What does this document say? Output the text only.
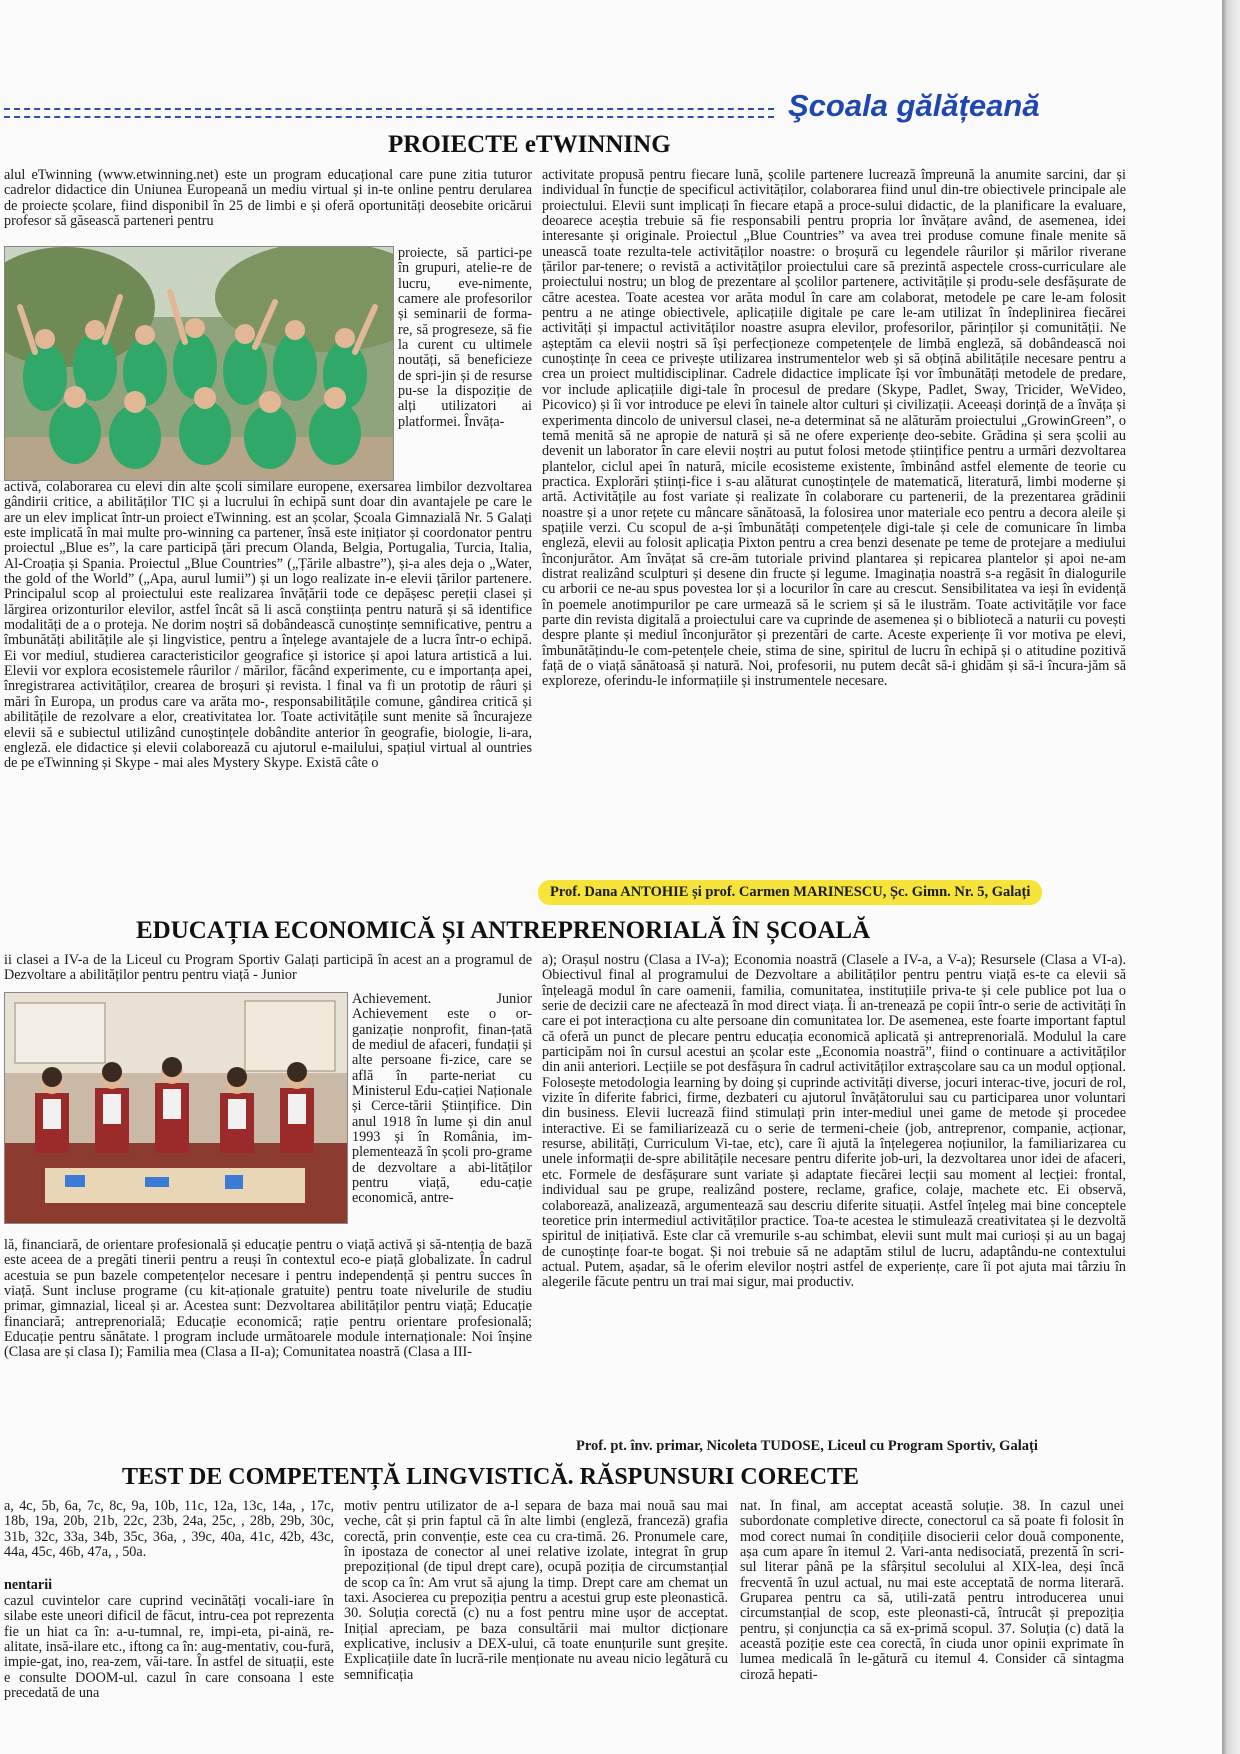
Şcoala gălățeană
PROIECTE eTWINNING

alul eTwinning (www.etwinning.net) este un program educațional care pune zitia tuturor cadrelor didactice din Uniunea Europeană un mediu virtual și in-te online pentru derularea de proiecte școlare, fiind disponibil în 25 de limbi e și oferă oportunități deosebite oricărui profesor să găsească parteneri pentru

proiecte, să partici-pe în grupuri, atelie-re de lucru, eve-nimente, camere ale profesorilor și seminarii de forma-re, să progreseze, să fie la curent cu ultimele noutăți, să beneficieze de spri-jin și de resurse pu-se la dispoziție de alți utilizatori ai platformei. Învăța-

activă, colaborarea cu elevi din alte școli similare europene, exersarea limbilor dezvoltarea gândirii critice, a abilităților TIC și a lucrului în echipă sunt doar din avantajele pe care le are un elev implicat într-un proiect eTwinning. est an școlar, Școala Gimnazială Nr. 5 Galați este implicată în mai multe pro-winning ca partener, însă este inițiator și coordonator pentru proiectul „Blue es”, la care participă țări precum Olanda, Belgia, Portugalia, Turcia, Italia, Al-Croația și Spania. Proiectul „Blue Countries” („Țările albastre”), și-a ales deja o „Water, the gold of the World” („Apa, aurul lumii”) și un logo realizate in-e elevii țărilor partenere. Principalul scop al proiectului este realizarea învățării tode ce depășesc pereții clasei și lărgirea orizonturilor elevilor, astfel încât să li ască conștiința pentru natură și să identifice modalități de a o proteja. Ne dorim noștri să dobândească cunoștințe semnificative, pentru a îmbunătăți abilitățile ale și lingvistice, pentru a înțelege avantajele de a lucra într-o echipă. Ei vor mediul, studierea caracteristicilor geografice și istorice și apoi latura artistică a lui. Elevii vor explora ecosistemele râurilor / mărilor, făcând experimente, cu e importanța apei, înregistrarea activităților, crearea de broșuri și revista. l final va fi un prototip de râuri și mări în Europa, un produs care va arăta mo-, responsabilitățile comune, gândirea critică și abilitățile de rezolvare a elor, creativitatea lor. Toate activitățile sunt menite să încurajeze elevii să e subiectul utilizând cunoștințele dobândite anterior în geografie, biologie, li-ara, engleză. ele didactice și elevii colaborează cu ajutorul e-mailului, spațiul virtual al ountries de pe eTwinning și Skype - mai ales Mystery Skype. Există câte o

activitate propusă pentru fiecare lună, școlile partenere lucrează împreună la anumite sarcini, dar și individual în funcție de specificul activităților, colaborarea fiind unul din-tre obiectivele principale ale proiectului. Elevii sunt implicați în fiecare etapă a proce-sului didactic, de la planificare la evaluare, deoarece aceștia trebuie să fie responsabili pentru propria lor învățare având, de asemenea, idei interesante și originale. Proiectul „Blue Countries” va avea trei produse comune finale menite să unească toate rezulta-tele activităților noastre: o broșură cu legendele râurilor și mărilor riverane țărilor par-tenere; o revistă a activităților proiectului care să prezintă aspectele cross-curriculare ale proiectului nostru; un blog de prezentare al școlilor partenere, activitățile și produ-sele desfășurate de către acestea. Toate acestea vor arăta modul în care am colaborat, metodele pe care le-am folosit pentru a ne atinge obiectivele, aplicațiile digitale pe care le-am utilizat în îndeplinirea fiecărei activități și impactul activităților noastre asupra elevilor, profesorilor, părinților și comunității. Ne așteptăm ca elevii noștri să își perfecționeze competențele de limbă engleză, să dobândească noi cunoștințe în ceea ce privește utilizarea instrumentelor web și să obțină abilitățile necesare pentru a crea un proiect multidisciplinar. Cadrele didactice implicate își vor îmbunătăți metodele de predare, vor include aplicațiile digi-tale în procesul de predare (Skype, Padlet, Sway, Tricider, WeVideo, Picovico) și îi vor introduce pe elevi în tainele altor culturi și civilizații. Aceeași dorință de a învăța și experimenta dincolo de universul clasei, ne-a determinat să ne alăturăm proiectului „GrowinGreen”, o temă menită să ne apropie de natură și să ne ofere experiențe deo-sebite. Grădina și sera școlii au devenit un laborator în care elevii noștri au putut folosi metode științifice pentru a urmări dezvoltarea plantelor, ciclul apei în natură, micile ecosisteme existente, îmbinând astfel elemente de teorie cu practica. Explorări științi-fice i s-au alăturat cunoștințele de matematică, literatură, limbi moderne și artă. Activitățile au fost variate și realizate în colaborare cu partenerii, de la prezentarea grădinii noastre și a unor rețete cu mâncare sănătoasă, la folosirea unor materiale eco pentru a decora aleile și spațiile verzi. Cu scopul de a-și îmbunătăți competențele digi-tale și cele de comunicare în limba engleză, elevii au folosit aplicația Pixton pentru a crea benzi desenate pe teme de protejare a mediului înconjurător. Am învățat să cre-ăm tutoriale privind plantarea și repicarea plantelor și apoi ne-am distrat realizând sculpturi și desene din fructe și legume. Imaginația noastră s-a regăsit în dialogurile cu arborii ce ne-au spus povestea lor și a locurilor în care au crescut. Sensibilitatea va ieși în evidență în poemele anotimpurilor pe care urmează să le scriem și să le ilustrăm. Toate activitățile vor face parte din revista digitală a proiectului care va cuprinde de asemenea și o bibliotecă a naturii cu povești despre plante și mediul înconjurător și prezentări de carte. Aceste experiențe îi vor motiva pe elevi, îmbunătățindu-le com-petențele cheie, stima de sine, spiritul de lucru în echipă și o atitudine pozitivă față de o viață sănătoasă și natură. Noi, profesorii, nu putem decât să-i ghidăm și să-i încura-jăm să exploreze, oferindu-le informațiile și instrumentele necesare.

Prof. Dana ANTOHIE și prof. Carmen MARINESCU, Șc. Gimn. Nr. 5, Galați
EDUCAȚIA ECONOMICĂ ȘI ANTREPRENORIALĂ ÎN ȘCOALĂ

ii clasei a IV-a de la Liceul cu Program Sportiv Galați participă în acest an a programul de Dezvoltare a abilităților pentru pentru viață - Junior

Achievement. Junior Achievement este o or-ganizație nonprofit, finan-țată de mediul de afaceri, fundații și alte persoane fi-zice, care se află în parte-neriat cu Ministerul Edu-cației Naționale și Cerce-tării Științifice. Din anul 1918 în lume și din anul 1993 și în România, im-plementează în școli pro-grame de dezvoltare a abi-lităților pentru viață, edu-cație economică, antre-

lă, financiară, de orientare profesională și educație pentru o viață activă și să-ntenția de bază este aceea de a pregăti tinerii pentru a reuși în contextul eco-e piață globalizate. În cadrul acestuia se pun bazele competențelor necesare i pentru independență și pentru succes în viață. Sunt incluse programe (cu kit-aționale gratuite) pentru toate nivelurile de studiu primar, gimnazial, liceal și ar. Acestea sunt: Dezvoltarea abilităților pentru viață; Educație financiară; antreprenorială; Educație economică; rație pentru orientare profesională; Educație pentru sănătate. l program include următoarele module internaționale: Noi înșine (Clasa are și clasa I); Familia mea (Clasa a II-a); Comunitatea noastră (Clasa a III-

a); Orașul nostru (Clasa a IV-a); Economia noastră (Clasele a IV-a, a V-a); Resursele (Clasa a VI-a). Obiectivul final al programului de Dezvoltare a abilităților pentru pentru viață es-te ca elevii să înțeleagă modul în care oamenii, familia, comunitatea, instituțiile priva-te și cele publice pot lua o serie de decizii care ne afectează în mod direct viața. Îi an-trenează pe copii într-o serie de activități în care ei pot interacționa cu alte persoane din comunitatea lor. De asemenea, este foarte important faptul că oferă un punct de plecare pentru educația economică aplicată și antreprenorială. Modulul la care participăm noi în cursul acestui an școlar este „Economia noastră”, fiind o continuare a activităților din anii anteriori. Lecțiile se pot desfășura în cadrul activităților extrașcolare sau ca un modul opțional. Folosește metodologia learning by doing și cuprinde activități diverse, jocuri interac-tive, jocuri de rol, vizite în diferite fabrici, firme, dezbateri cu ajutorul învățătorului sau cu participarea unor voluntari din business. Elevii lucrează fiind stimulați prin inter-mediul unei game de metode și procedee interactive. Ei se familiarizează cu o serie de termeni-cheie (job, antreprenor, companie, acționar, resurse, abilități, Curriculum Vi-tae, etc), care îi ajută la înțelegerea noțiunilor, la familiarizarea cu unele informații de-spre abilitățile necesare pentru diferite job-uri, la dezvoltarea unor idei de afaceri, etc. Formele de desfășurare sunt variate și adaptate fiecărei lecții sau moment al lecției: frontal, individual sau pe grupe, realizând postere, reclame, grafice, colaje, machete etc. Ei observă, colaborează, analizează, argumentează sau descriu diferite situații. Astfel înțeleg mai bine conceptele teoretice prin intermediul activităților practice. Toa-te acestea le stimulează creativitatea și le dezvoltă spiritul de inițiativă. Este clar că vremurile s-au schimbat, elevii sunt mult mai curioși și au un bagaj de cunoștințe foar-te bogat. Și noi trebuie să ne adaptăm stilul de lucru, adaptându-ne contextului actual. Putem, așadar, să le oferim elevilor noștri astfel de experiențe, care îi pot ajuta mai târziu în alegerile făcute pentru un trai mai sigur, mai productiv.

Prof. pt. înv. primar, Nicoleta TUDOSE, Liceul cu Program Sportiv, Galați
TEST DE COMPETENȚĂ LINGVISTICĂ. RĂSPUNSURI CORECTE

a, 4c, 5b, 6a, 7c, 8c, 9a, 10b, 11c, 12a, 13c, 14a, , 17c, 18b, 19a, 20b, 21b, 22c, 23b, 24a, 25c, , 28b, 29b, 30c, 31b, 32c, 33a, 34b, 35c, 36a, , 39c, 40a, 41c, 42b, 43c, 44a, 45c, 46b, 47a, , 50a.

nentarii

cazul cuvintelor care cuprind vecinătăți vocali-iare în silabe este uneori dificil de făcut, intru-cea pot reprezenta fie un hiat ca în: a-u-tumnal, re, impi-eta, pi-ainä, re-alitate, insă-ilare etc., iftong ca în: aug-mentativ, cou-fură, impie-gat, ino, rea-zem, văi-tare. În astfel de situații, este e consulte DOOM-ul. cazul în care consoana l este precedată de una

motiv pentru utilizator de a-l separa de baza mai nouă sau mai veche, cât și prin faptul că în alte limbi (engleză, franceză) grafia corectă, prin convenție, este cea cu cra-timă. 26. Pronumele care, în ipostaza de conector al unei relative izolate, integrat în grup prepozițional (de tipul drept care), ocupă poziția de circumstanțial de scop ca în: Am vrut să ajung la timp. Drept care am chemat un taxi. Asocierea cu prepoziția pentru a acestui grup este pleonastică. 30. Soluția corectă (c) nu a fost pentru mine ușor de acceptat. Inițial apreciam, pe baza consultării mai multor dicționare explicative, inclusiv a DEX-ului, că toate enunțurile sunt greșite. Explicațiile date în lucră-rile menționate nu aveau nicio legătură cu semnificația

nat. În final, am acceptat această soluție. 38. În cazul unei subordonate completive directe, conectorul ca să poate fi folosit în mod corect numai în condițiile disocierii celor două componente, așa cum apare în itemul 2. Vari-anta nedisociată, prezentă în scri-sul literar până pe la sfârșitul secolului al XIX-lea, deși încă frecventă în uzul actual, nu mai este acceptată de norma literară. Gruparea pentru ca să, utili-zată pentru introducerea unui circumstanțial de scop, este pleonasti-că, întrucât și prepoziția pentru, și conjuncția ca să ex-primă scopul. 37. Soluția (c) dată la această poziție este cea corectă, în ciuda unor opinii exprimate în lumea medicală în le-gătură cu itemul 4. Consider că sintagma ciroză hepati-
